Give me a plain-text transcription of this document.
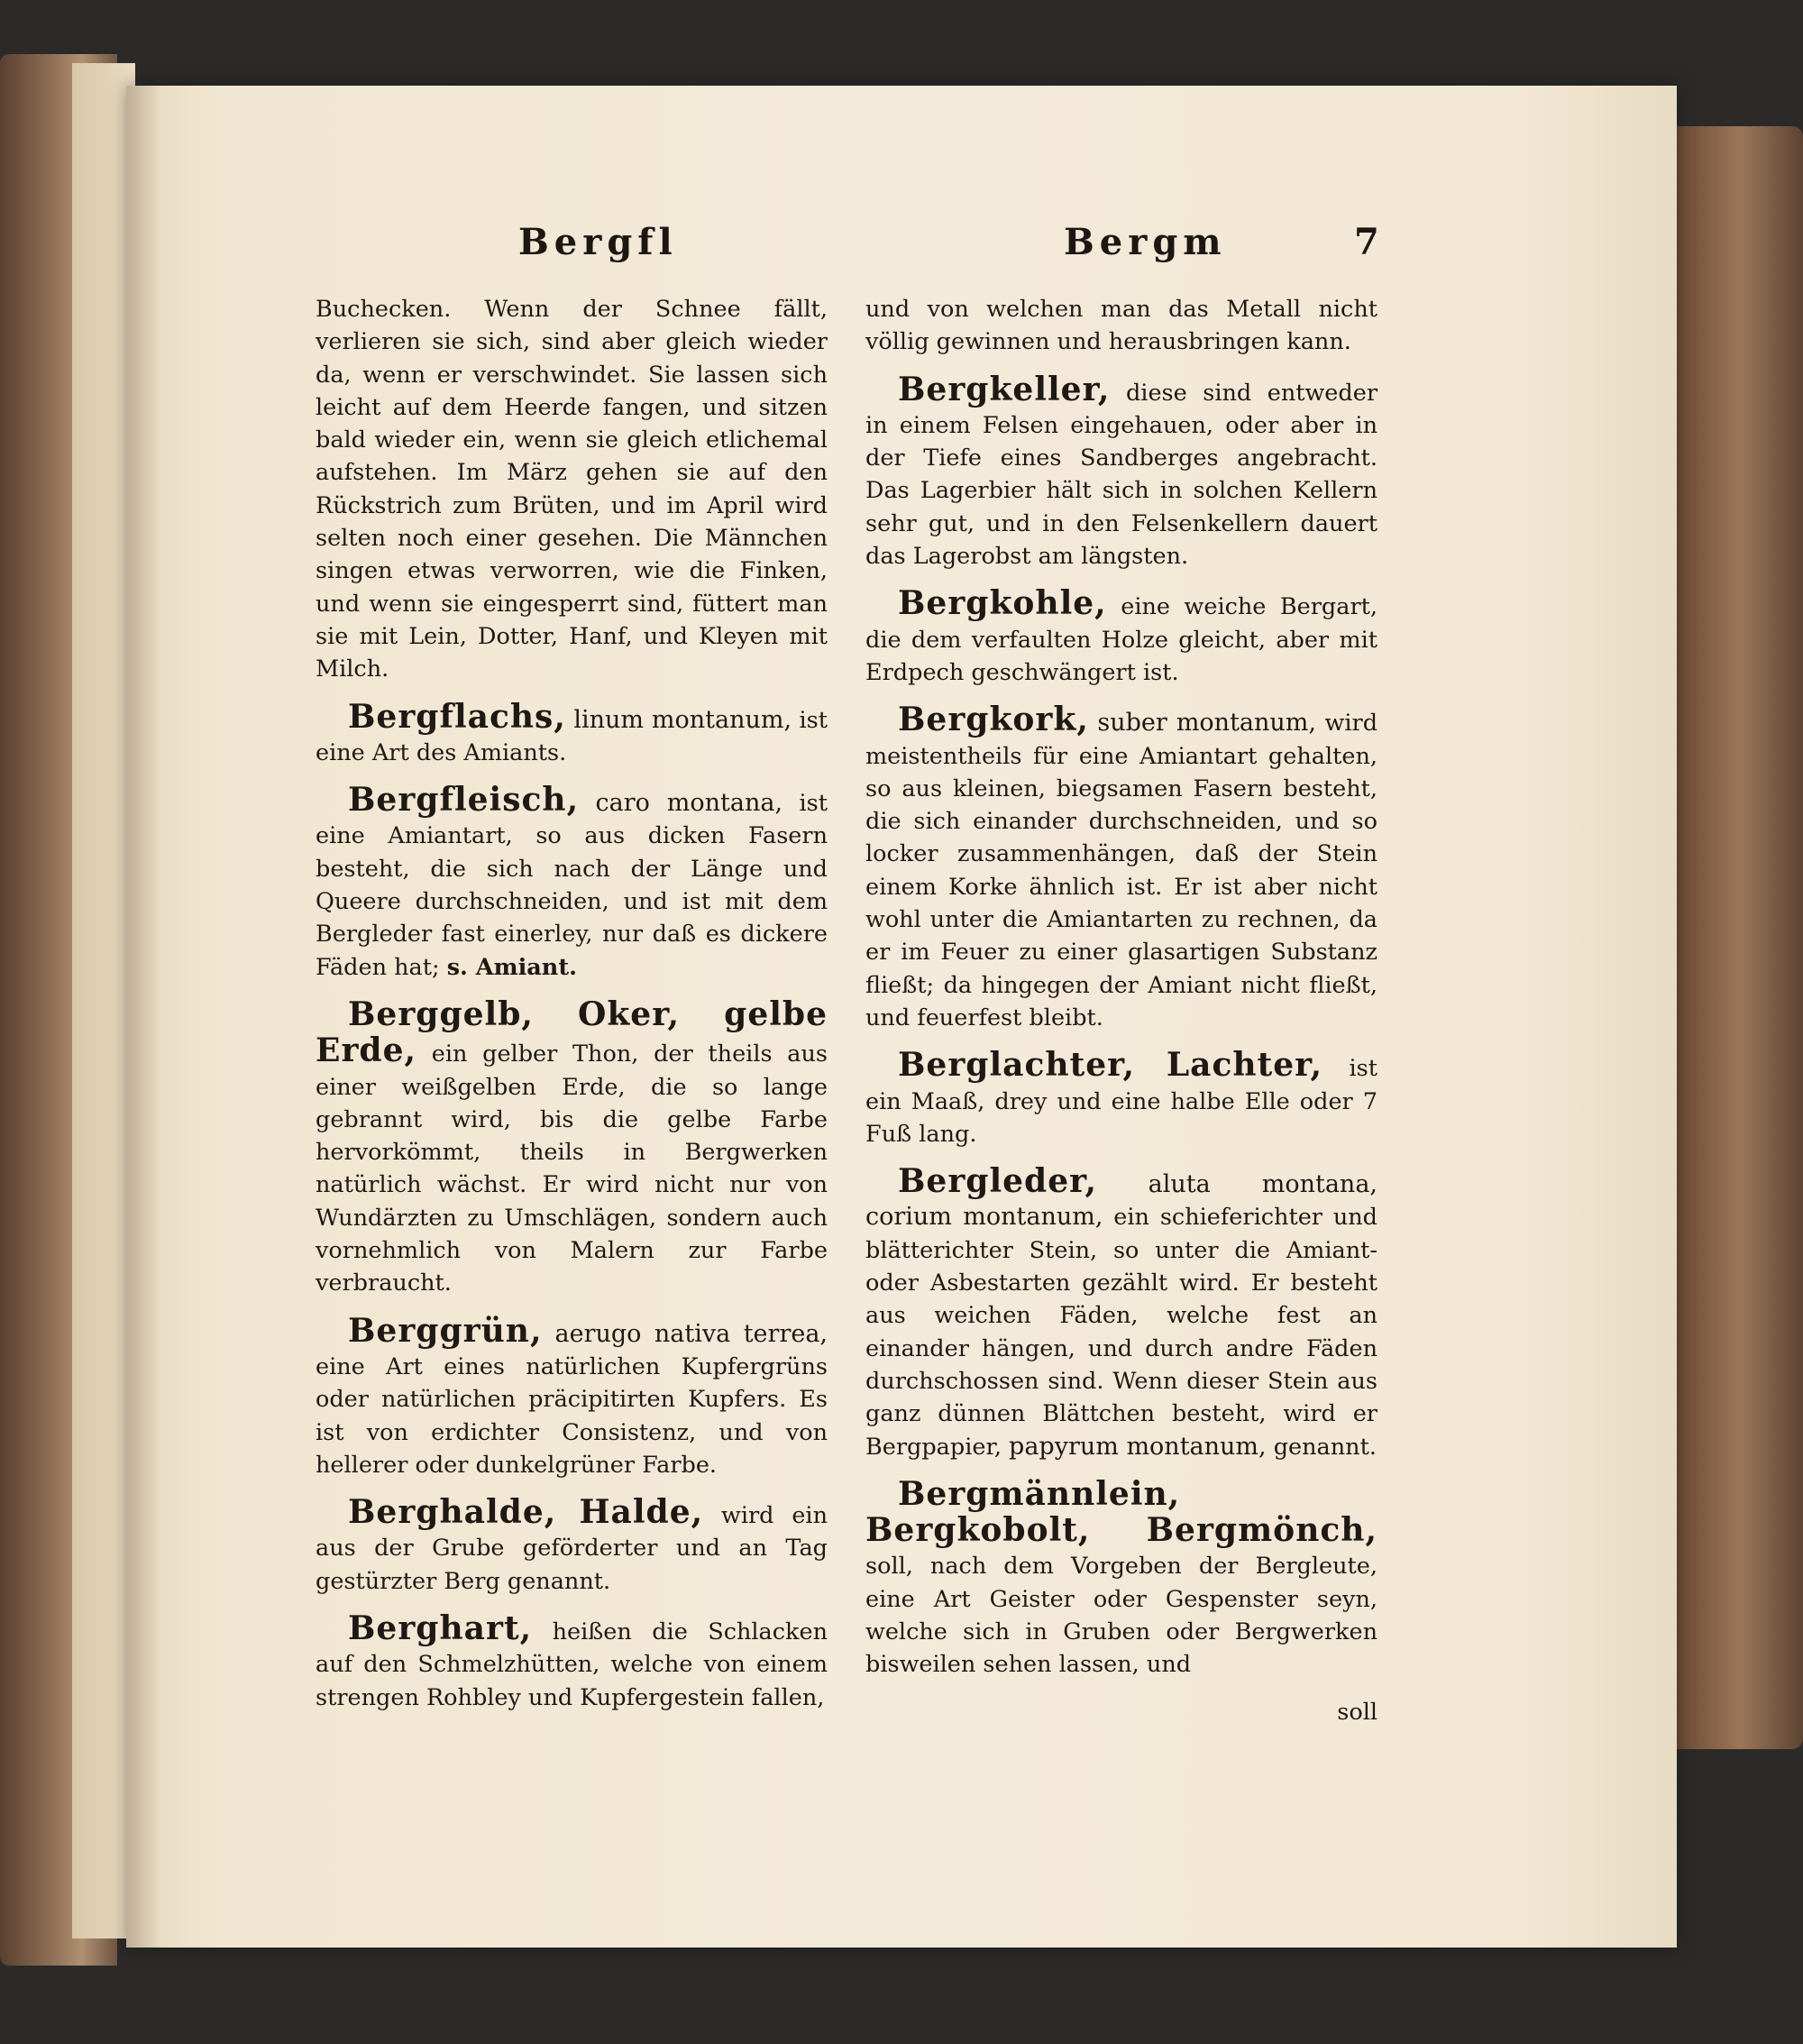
Bergfl	Bergm	7

Buchecken. Wenn der Schnee fällt, verlieren sie sich, sind aber gleich wieder da, wenn er verschwindet. Sie lassen sich leicht auf dem Heerde fangen, und sitzen bald wieder ein, wenn sie gleich etlichemal aufstehen. Im März gehen sie auf den Rückstrich zum Brüten, und im April wird selten noch einer gesehen. Die Männchen singen etwas verworren, wie die Finken, und wenn sie eingesperrt sind, füttert man sie mit Lein, Dotter, Hanf, und Kleyen mit Milch.

Bergflachs, linum montanum, ist eine Art des Amiants.

Bergfleisch, caro montana, ist eine Amiantart, so aus dicken Fasern besteht, die sich nach der Länge und Queere durchschneiden, und ist mit dem Bergleder fast einerley, nur daß es dickere Fäden hat; s. Amiant.

Berggelb, Oker, gelbe Erde, ein gelber Thon, der theils aus einer weißgelben Erde, die so lange gebrannt wird, bis die gelbe Farbe hervorkömmt, theils in Bergwerken natürlich wächst. Er wird nicht nur von Wundärzten zu Umschlägen, sondern auch vornehmlich von Malern zur Farbe verbraucht.

Berggrün, aerugo nativa terrea, eine Art eines natürlichen Kupfergrüns oder natürlichen präcipitirten Kupfers. Es ist von erdichter Consistenz, und von hellerer oder dunkelgrüner Farbe.

Berghalde, Halde, wird ein aus der Grube geförderter und an Tag gestürzter Berg genannt.

Berghart, heißen die Schlacken auf den Schmelzhütten, welche von einem strengen Rohbley und Kupfergestein fallen,

und von welchen man das Metall nicht völlig gewinnen und herausbringen kann.

Bergkeller, diese sind entweder in einem Felsen eingehauen, oder aber in der Tiefe eines Sandberges angebracht. Das Lagerbier hält sich in solchen Kellern sehr gut, und in den Felsenkellern dauert das Lagerobst am längsten.

Bergkohle, eine weiche Bergart, die dem verfaulten Holze gleicht, aber mit Erdpech geschwängert ist.

Bergkork, suber montanum, wird meistentheils für eine Amiantart gehalten, so aus kleinen, biegsamen Fasern besteht, die sich einander durchschneiden, und so locker zusammenhängen, daß der Stein einem Korke ähnlich ist. Er ist aber nicht wohl unter die Amiantarten zu rechnen, da er im Feuer zu einer glasartigen Substanz fließt; da hingegen der Amiant nicht fließt, und feuerfest bleibt.

Berglachter, Lachter, ist ein Maaß, drey und eine halbe Elle oder 7 Fuß lang.

Bergleder, aluta montana, corium montanum, ein schieferichter und blätterichter Stein, so unter die Amiant- oder Asbestarten gezählt wird. Er besteht aus weichen Fäden, welche fest an einander hängen, und durch andre Fäden durchschossen sind. Wenn dieser Stein aus ganz dünnen Blättchen besteht, wird er Bergpapier, papyrum montanum, genannt.

Bergmännlein, Bergkobolt, Bergmönch, soll, nach dem Vorgeben der Bergleute, eine Art Geister oder Gespenster seyn, welche sich in Gruben oder Bergwerken bisweilen sehen lassen, und

soll
